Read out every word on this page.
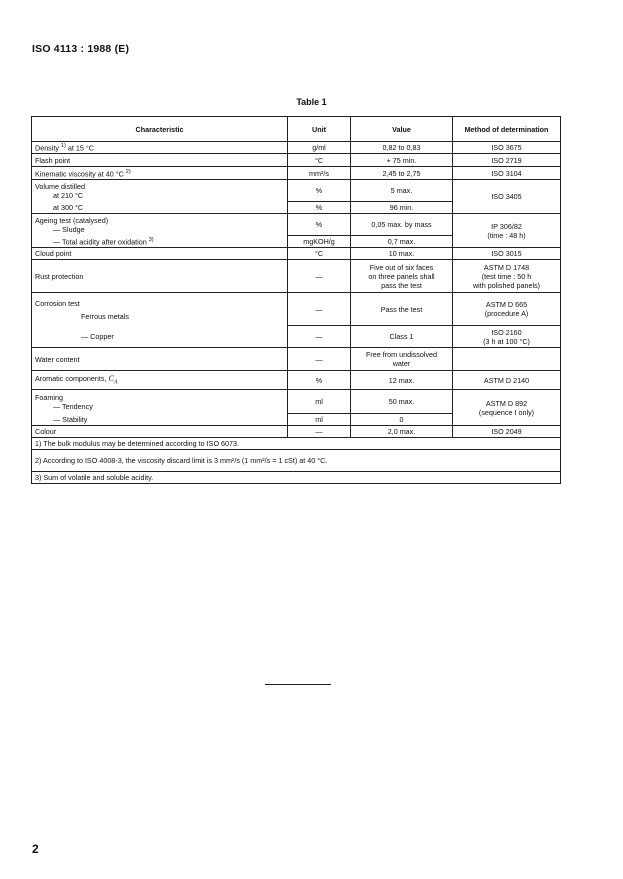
ISO 4113 : 1988 (E)
Table 1
Characteristic	Unit	Value	Method of determination
Density $^{1)}$ at 15 °C	g/ml	0,82 to 0,83	ISO 3675
Flash point	°C	+ 75 min.	ISO 2719
Kinematic viscosity at 40 °C $^{2)}$	mm²/s	2,45 to 2,75	ISO 3104

Volume distilled
at 210 °C	%	5 max.	ISO 3405

at 300 °C	%	96 min.	

Ageing test (catalysed)
— Sludge	%	0,05 max. by mass	IP 306/82
(time : 48 h)

— Total acidity after oxidation $^{3)}$	mgKOH/g	0,7 max.	
Cloud point	°C	10 max.	ISO 3015
Rust protection	—	Five out of six faces
on three panels shall
pass the test	ASTM D 1748
(test time : 50 h
with polished panels)

Corrosion test
Ferrous metals	—	Pass the test	ASTM D 665
(procedure A)

— Copper	—	Class 1	ISO 2160
(3 h at 100 °C)

Water content	—	Free from undissolved
water	

Aromatic components, $C_A$	%	12 max.	ASTM D 2140

Foaming
— Tendency	ml	50 max.	ASTM D 892
(sequence I only)

— Stability	ml	0	
Colour	—	2,0 max.	ISO 2049
1) The bulk modulus may be determined according to ISO 6073.			
2) According to ISO 4008-3, the viscosity discard limit is 3 mm²/s (1 mm²/s = 1 cSt) at 40 °C.			
3) Sum of volatile and soluble acidity.			
2
